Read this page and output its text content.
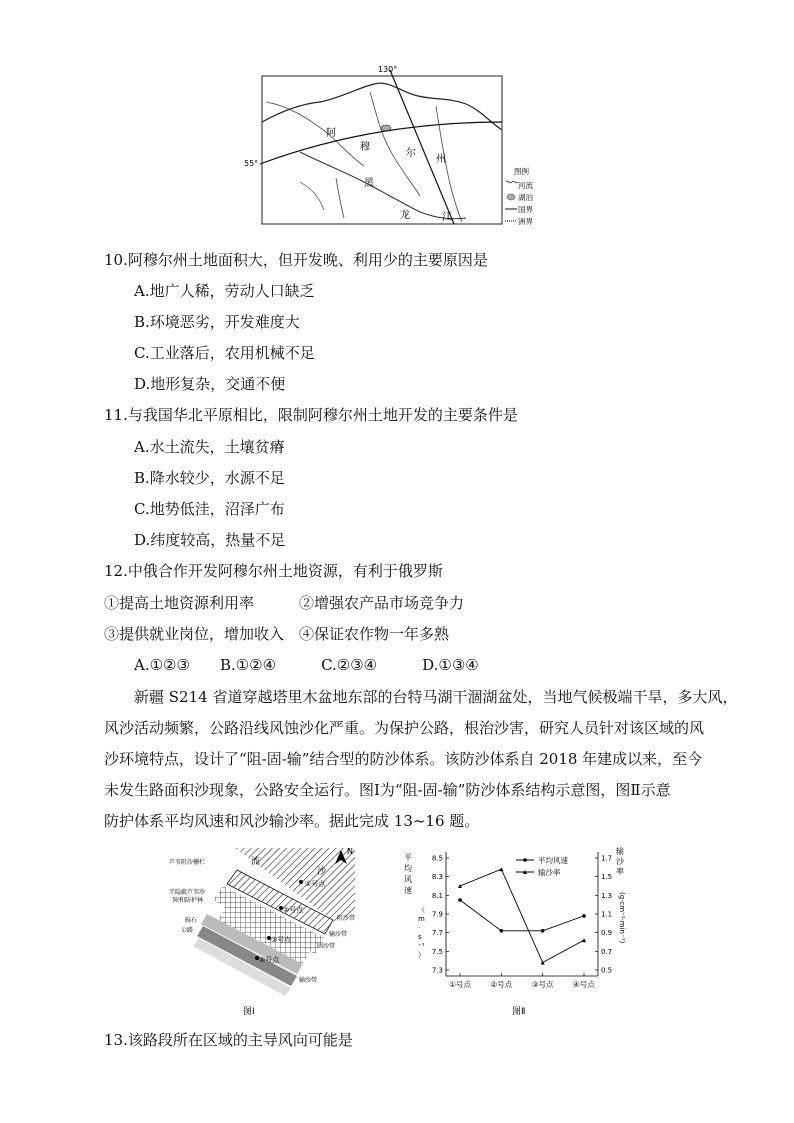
130°
55°
阿
穆
尔
州
黑
龙	江
图例
河流
湖泊
国界
洲界
10.阿穆尔州土地面积大，但开发晚、利用少的主要原因是
A.地广人稀，劳动人口缺乏
B.环境恶劣，开发难度大
C.工业落后，农用机械不足
D.地形复杂，交通不便
11.与我国华北平原相比，限制阿穆尔州土地开发的主要条件是
A.水土流失，土壤贫瘠
B.降水较少，水源不足
C.地势低洼，沼泽广布
D.纬度较高，热量不足
12.中俄合作开发阿穆尔州土地资源，有利于俄罗斯
①提高土地资源利用率　　　②增强农产品市场竞争力
③提供就业岗位，增加收入　④保证农作物一年多熟
A.①②③　　B.①②④　　　C.②③④　　　D.①③④
新疆 S214 省道穿越塔里木盆地东部的台特马湖干涸湖盆处，当地气候极端干旱，多大风，
风沙活动频繁，公路沿线风蚀沙化严重。为保护公路，根治沙害，研究人员针对该区域的风
沙环境特点，设计了“阻-固-输”结合型的防沙体系。该防沙体系自 2018 年建成以来，至今
未发生路面积沙现象，公路安全运行。图Ⅰ为“阻-固-输”防沙体系结构示意图，图Ⅱ示意
防护体系平均风速和风沙输沙率。据此完成 13~16 题。
N
流
沙
芦苇阻沙栅栏
半隐蔽芦苇沙
障和防护林
砾石
公路
①号点
②号点
③号点
④号点
阻沙带
输沙带
固沙带
输沙带
图Ⅰ
平
均
风
速
（
m
·
s
⁻¹
）
输
沙
率
(g·cm⁻¹·min⁻¹)
8.5
8.3
8.1
7.9
7.7
7.5
7.3
1.7
1.5
1.3
1.1
0.9
0.7
0.5
①号点	②号点	③号点	④号点
平均风速
输沙率
图Ⅱ
13.该路段所在区域的主导风向可能是
